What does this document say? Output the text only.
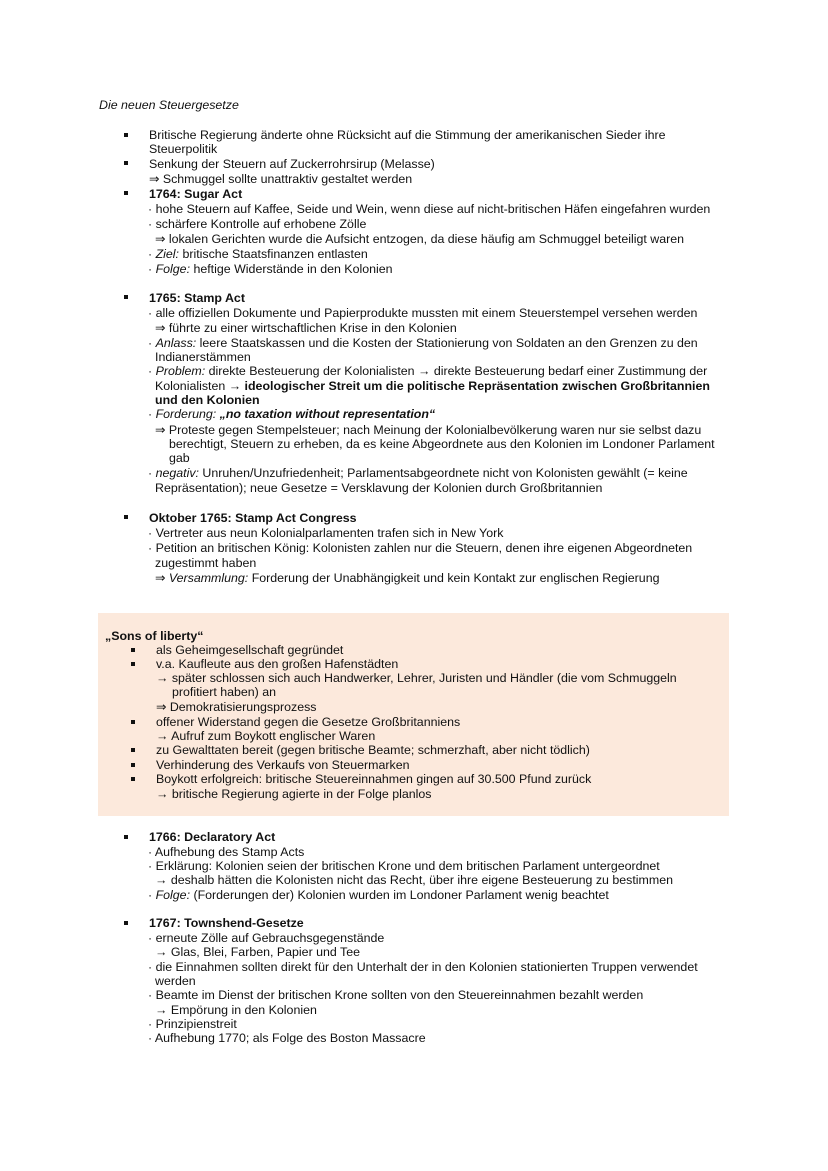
Die neuen Steuergesetze
Britische Regierung änderte ohne Rücksicht auf die Stimmung der amerikanischen Sieder ihre
Steuerpolitik
Senkung der Steuern auf Zuckerrohrsirup (Melasse)
⇒ Schmuggel sollte unattraktiv gestaltet werden
1764: Sugar Act
· hohe Steuern auf Kaffee, Seide und Wein, wenn diese auf nicht-britischen Häfen eingefahren wurden
· schärfere Kontrolle auf erhobene Zölle
⇒ lokalen Gerichten wurde die Aufsicht entzogen, da diese häufig am Schmuggel beteiligt waren
· Ziel: britische Staatsfinanzen entlasten
· Folge: heftige Widerstände in den Kolonien
1765: Stamp Act
· alle offiziellen Dokumente und Papierprodukte mussten mit einem Steuerstempel versehen werden
⇒ führte zu einer wirtschaftlichen Krise in den Kolonien
· Anlass: leere Staatskassen und die Kosten der Stationierung von Soldaten an den Grenzen zu den
Indianerstämmen
· Problem: direkte Besteuerung der Kolonialisten → direkte Besteuerung bedarf einer Zustimmung der
Kolonialisten → ideologischer Streit um die politische Repräsentation zwischen Großbritannien
und den Kolonien
· Forderung: „no taxation without representation“
⇒ Proteste gegen Stempelsteuer; nach Meinung der Kolonialbevölkerung waren nur sie selbst dazu
berechtigt, Steuern zu erheben, da es keine Abgeordnete aus den Kolonien im Londoner Parlament
gab
· negativ: Unruhen/Unzufriedenheit; Parlamentsabgeordnete nicht von Kolonisten gewählt (= keine
Repräsentation); neue Gesetze = Versklavung der Kolonien durch Großbritannien
Oktober 1765: Stamp Act Congress
· Vertreter aus neun Kolonialparlamenten trafen sich in New York
· Petition an britischen König: Kolonisten zahlen nur die Steuern, denen ihre eigenen Abgeordneten
zugestimmt haben
⇒ Versammlung: Forderung der Unabhängigkeit und kein Kontakt zur englischen Regierung
„Sons of liberty“
als Geheimgesellschaft gegründet
v.a. Kaufleute aus den großen Hafenstädten
→ später schlossen sich auch Handwerker, Lehrer, Juristen und Händler (die vom Schmuggeln
profitiert haben) an
⇒ Demokratisierungsprozess
offener Widerstand gegen die Gesetze Großbritanniens
→ Aufruf zum Boykott englischer Waren
zu Gewalttaten bereit (gegen britische Beamte; schmerzhaft, aber nicht tödlich)
Verhinderung des Verkaufs von Steuermarken
Boykott erfolgreich: britische Steuereinnahmen gingen auf 30.500 Pfund zurück
→ britische Regierung agierte in der Folge planlos
1766: Declaratory Act
· Aufhebung des Stamp Acts
· Erklärung: Kolonien seien der britischen Krone und dem britischen Parlament untergeordnet
→ deshalb hätten die Kolonisten nicht das Recht, über ihre eigene Besteuerung zu bestimmen
· Folge: (Forderungen der) Kolonien wurden im Londoner Parlament wenig beachtet
1767: Townshend-Gesetze
· erneute Zölle auf Gebrauchsgegenstände
→ Glas, Blei, Farben, Papier und Tee
· die Einnahmen sollten direkt für den Unterhalt der in den Kolonien stationierten Truppen verwendet
werden
· Beamte im Dienst der britischen Krone sollten von den Steuereinnahmen bezahlt werden
→ Empörung in den Kolonien
· Prinzipienstreit
· Aufhebung 1770; als Folge des Boston Massacre
